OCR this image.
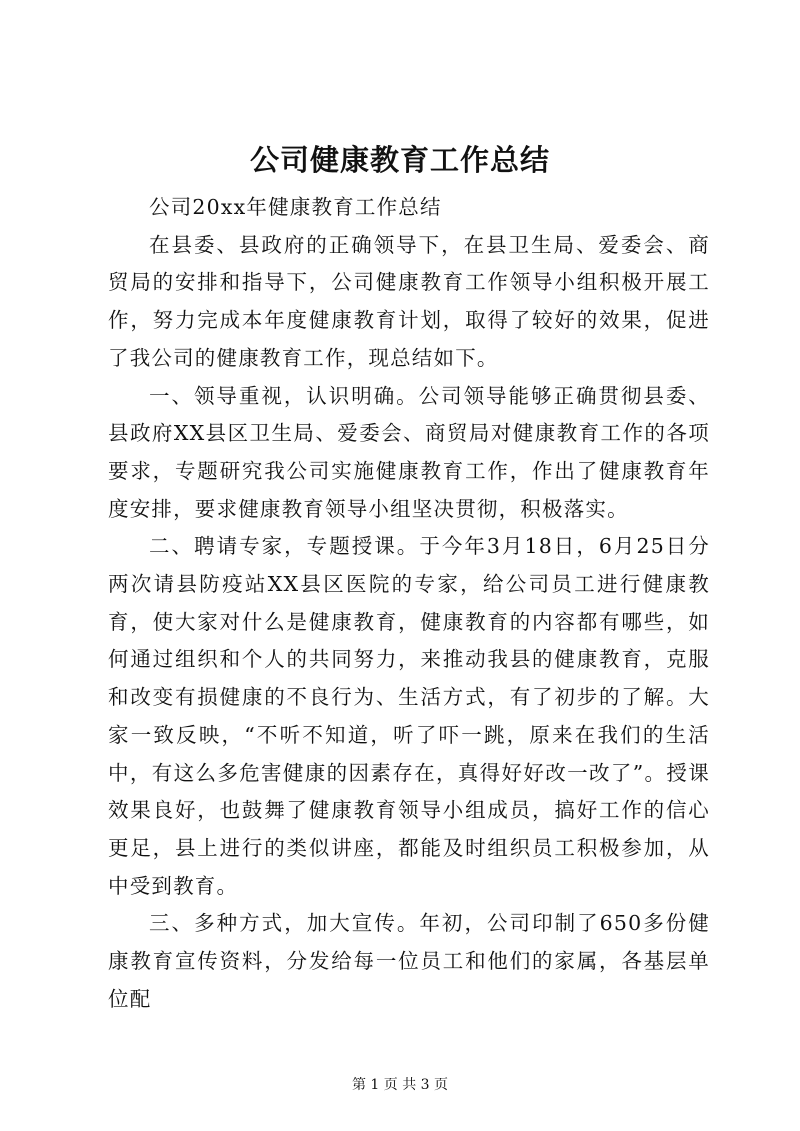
公司健康教育工作总结

公司20xx年健康教育工作总结

在县委、县政府的正确领导下，在县卫生局、爱委会、商贸局的安排和指导下，公司健康教育工作领导小组积极开展工作，努力完成本年度健康教育计划，取得了较好的效果，促进了我公司的健康教育工作，现总结如下。

一、领导重视，认识明确。公司领导能够正确贯彻县委、县政府XX县区卫生局、爱委会、商贸局对健康教育工作的各项要求，专题研究我公司实施健康教育工作，作出了健康教育年度安排，要求健康教育领导小组坚决贯彻，积极落实。

二、聘请专家，专题授课。于今年3月18日，6月25日分两次请县防疫站XX县区医院的专家，给公司员工进行健康教育，使大家对什么是健康教育，健康教育的内容都有哪些，如何通过组织和个人的共同努力，来推动我县的健康教育，克服和改变有损健康的不良行为、生活方式，有了初步的了解。大家一致反映，“不听不知道，听了吓一跳，原来在我们的生活中，有这么多危害健康的因素存在，真得好好改一改了”。授课效果良好，也鼓舞了健康教育领导小组成员，搞好工作的信心更足，县上进行的类似讲座，都能及时组织员工积极参加，从中受到教育。

三、多种方式，加大宣传。年初，公司印制了650多份健康教育宣传资料，分发给每一位员工和他们的家属，各基层单位配

第 1 页 共 3 页
